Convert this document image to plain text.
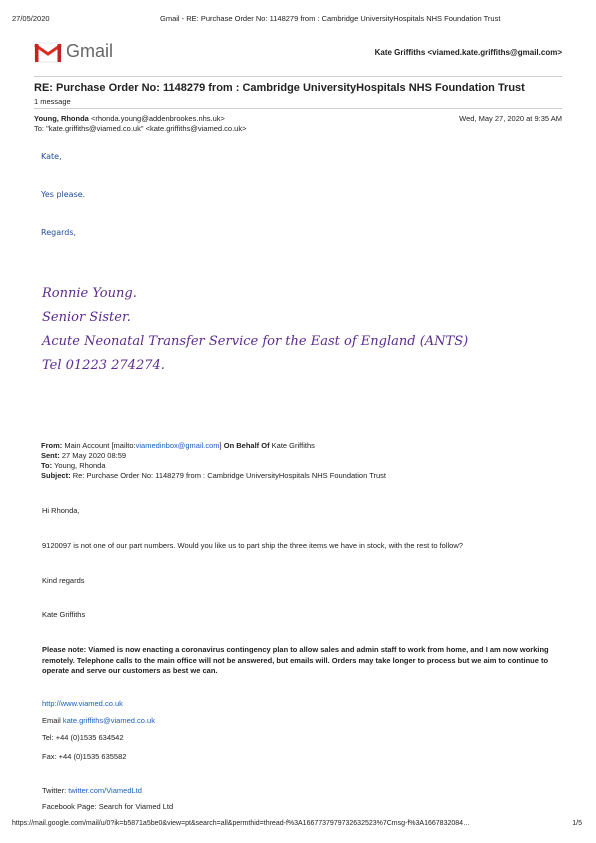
27/05/2020	Gmail - RE: Purchase Order No: 1148279 from : Cambridge UniversityHospitals NHS Foundation Trust
Gmail	Kate Griffiths <viamed.kate.griffiths@gmail.com>
RE: Purchase Order No: 1148279 from : Cambridge UniversityHospitals NHS Foundation Trust
1 message
Young, Rhonda <rhonda.young@addenbrookes.nhs.uk>	Wed, May 27, 2020 at 9:35 AM
To: "kate.griffiths@viamed.co.uk" <kate.griffiths@viamed.co.uk>
Kate,
Yes please.
Regards,
Ronnie Young.
Senior Sister.
Acute Neonatal Transfer Service for the East of England (ANTS)
Tel 01223 274274.
From: Main Account [mailto:viamedinbox@gmail.com] On Behalf Of Kate Griffiths
Sent: 27 May 2020 08:59
To: Young, Rhonda
Subject: Re: Purchase Order No: 1148279 from : Cambridge UniversityHospitals NHS Foundation Trust
Hi Rhonda,
9120097 is not one of our part numbers. Would you like us to part ship the three items we have in stock, with the rest to follow?
Kind regards
Kate Griffiths
Please note: Viamed is now enacting a coronavirus contingency plan to allow sales and admin staff to work from home, and I am now working remotely. Telephone calls to the main office will not be answered, but emails will. Orders may take longer to process but we aim to continue to operate and serve our customers as best we can.
http://www.viamed.co.uk
Email kate.griffiths@viamed.co.uk
Tel: +44 (0)1535 634542
Fax: +44 (0)1535 635582
Twitter: twitter.com/ViamedLtd
Facebook Page: Search for Viamed Ltd
https://mail.google.com/mail/u/0?ik=b5871a5be0&view=pt&search=all&permthid=thread-f%3A1667737979732632523%7Cmsg-f%3A1667832084…	1/5
